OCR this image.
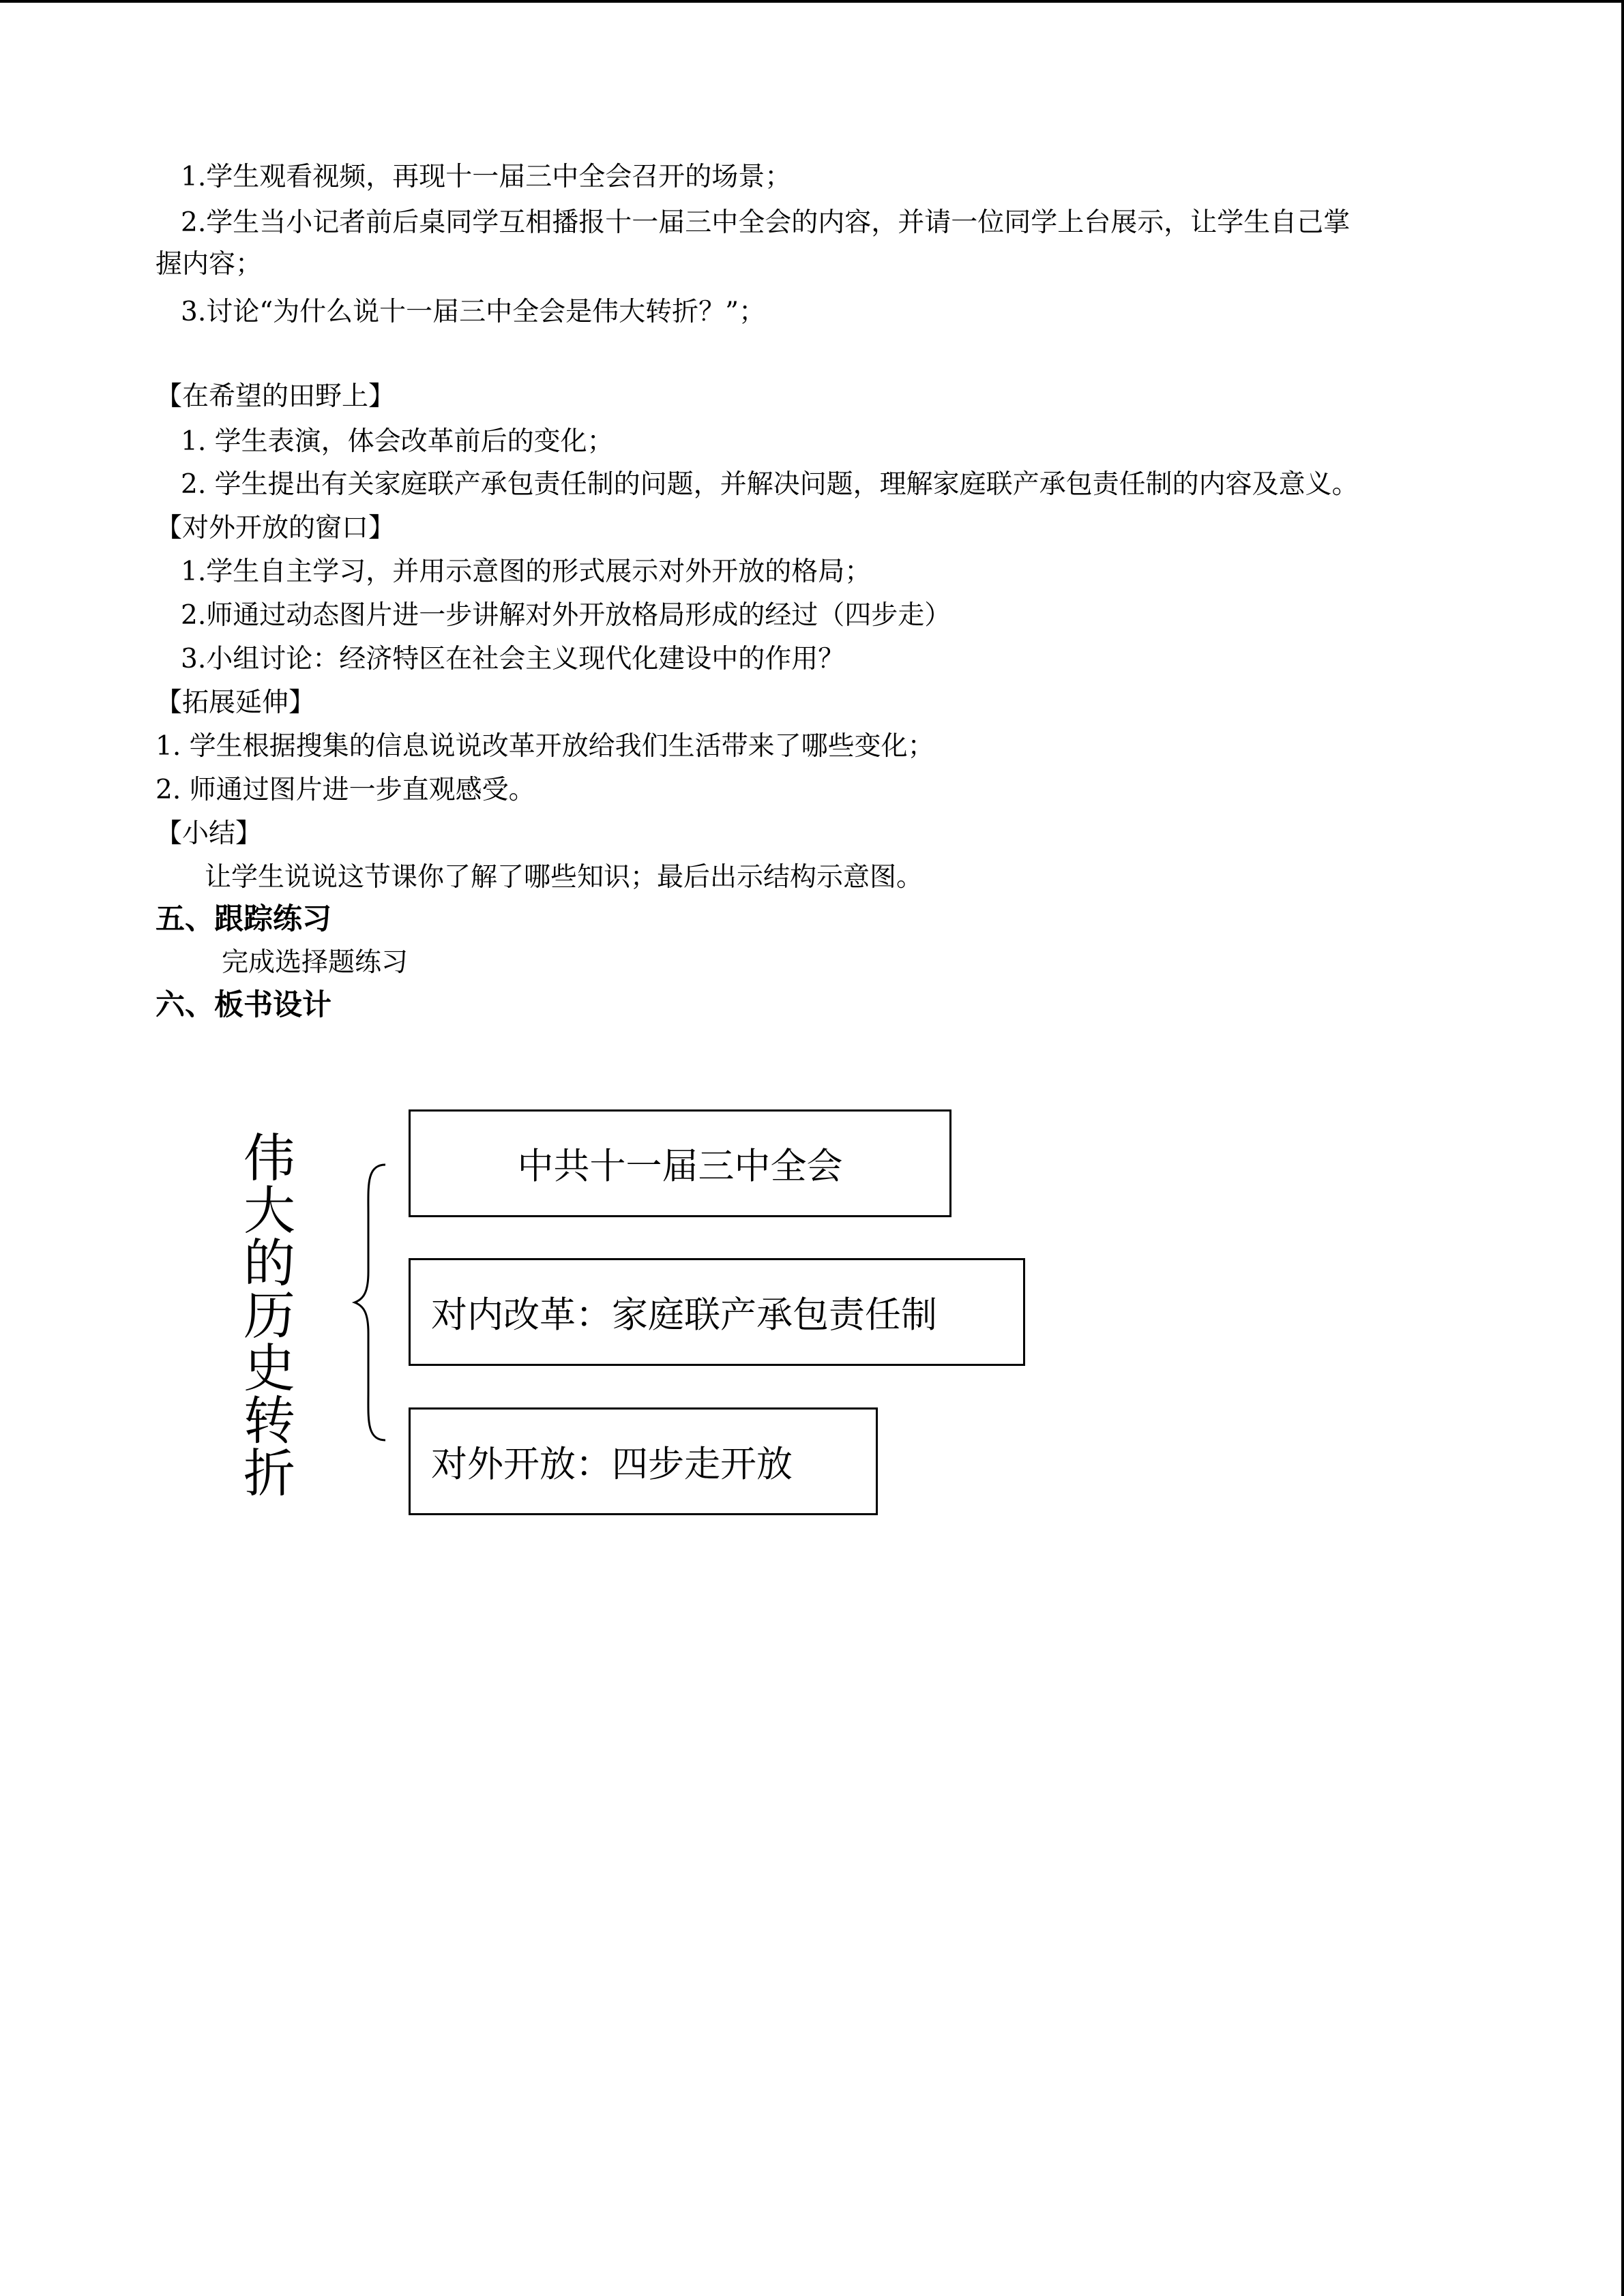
1.学生观看视频，再现十一届三中全会召开的场景；
2.学生当小记者前后桌同学互相播报十一届三中全会的内容，并请一位同学上台展示，让学生自己掌
握内容；
3.讨论“为什么说十一届三中全会是伟大转折？”；
【在希望的田野上】
1. 学生表演，体会改革前后的变化；
2. 学生提出有关家庭联产承包责任制的问题，并解决问题，理解家庭联产承包责任制的内容及意义。
【对外开放的窗口】
1.学生自主学习，并用示意图的形式展示对外开放的格局；
2.师通过动态图片进一步讲解对外开放格局形成的经过（四步走）
3.小组讨论：经济特区在社会主义现代化建设中的作用？
【拓展延伸】
1. 学生根据搜集的信息说说改革开放给我们生活带来了哪些变化；
2. 师通过图片进一步直观感受。
【小结】
让学生说说这节课你了解了哪些知识；最后出示结构示意图。
五、跟踪练习
完成选择题练习
六、板书设计
伟大的历史转折
中共十一届三中全会
对内改革：家庭联产承包责任制
对外开放：四步走开放
